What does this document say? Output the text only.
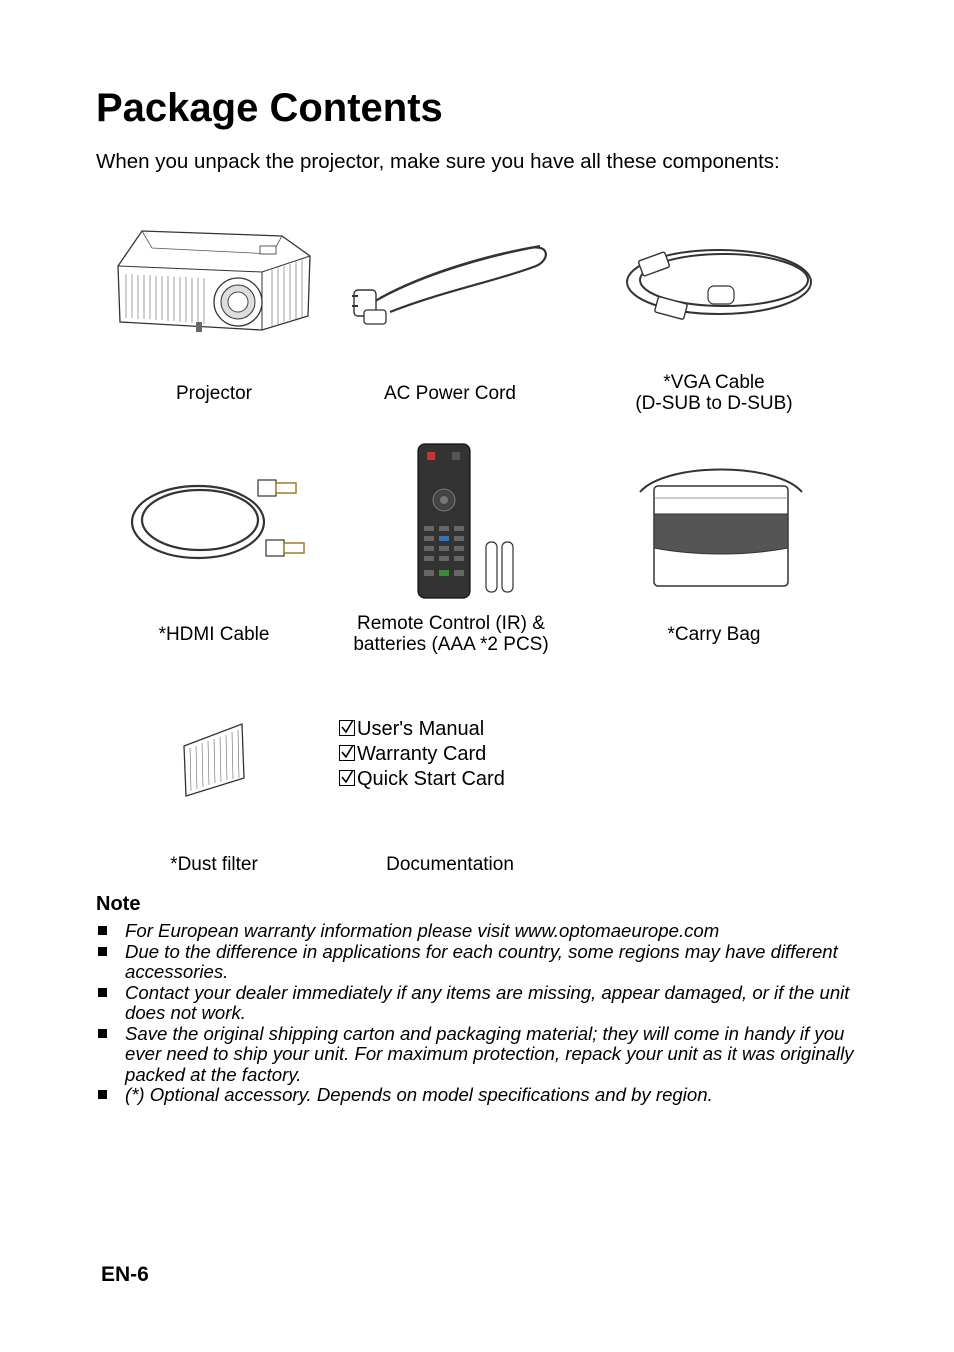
Package Contents
When you unpack the projector, make sure you have all these components:
Projector	AC Power Cord
*VGA Cable
(D-SUB to D-SUB)
*HDMI Cable
Remote Control (IR) &
batteries (AAA *2 PCS)	*Carry Bag
*Dust filter	Documentation
User's Manual
Warranty Card
Quick Start Card
Note
For European warranty information please visit www.optomaeurope.com
Due to the difference in applications for each country, some regions may have different accessories.
Contact your dealer immediately if any items are missing, appear damaged, or if the unit does not work.
Save the original shipping carton and packaging material; they will come in handy if you ever need to ship your unit. For maximum protection, repack your unit as it was originally packed at the factory.
(*) Optional accessory. Depends on model specifications and by region.
EN-6
